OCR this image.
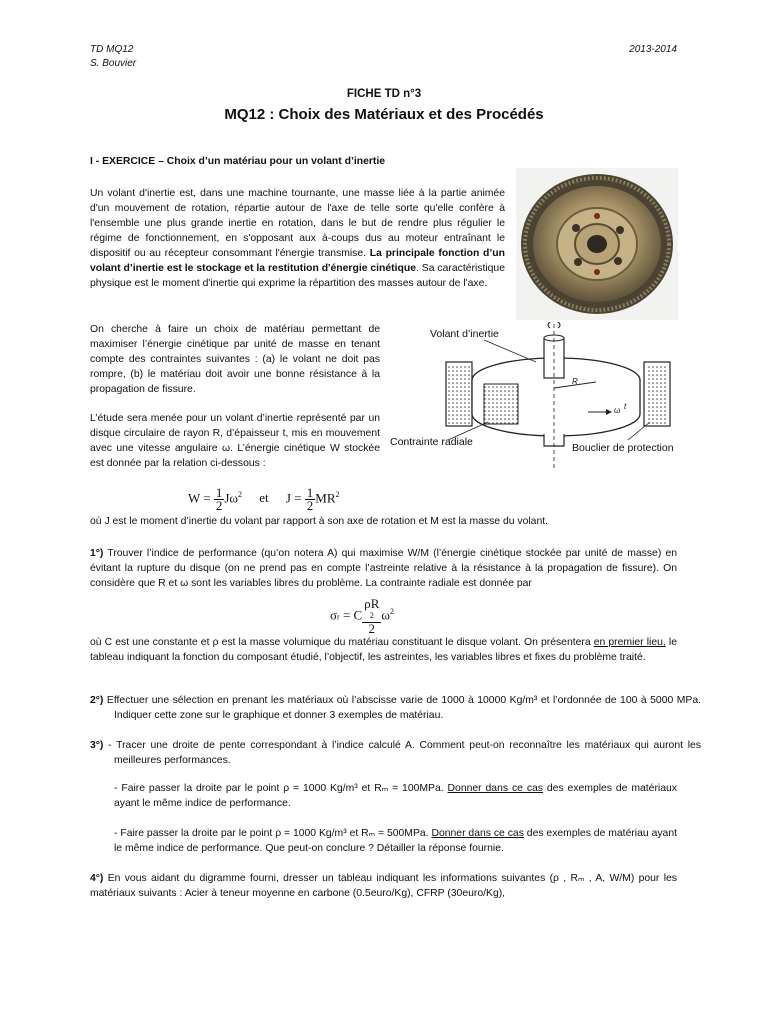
TD MQ12
S. Bouvier
2013-2014
FICHE TD n°3
MQ12 : Choix des Matériaux et des Procédés
I - EXERCICE – Choix d’un matériau pour un volant d’inertie
Un volant d'inertie est, dans une machine tournante, une masse liée à la partie animée d'un mouvement de rotation, répartie autour de l'axe de telle sorte qu'elle confère à l'ensemble une plus grande inertie en rotation, dans le but de rendre plus régulier le régime de fonctionnement, en s'opposant aux à-coups dus au moteur entraînant le dispositif ou au récepteur consommant l'énergie transmise. La principale fonction d’un volant d’inertie est le stockage et la restitution d'énergie cinétique. Sa caractéristique physique est le moment d'inertie qui exprime la répartition des masses autour de l'axe.
On cherche à faire un choix de matériau permettant de maximiser l’énergie cinétique par unité de masse en tenant compte des contraintes suivantes : (a) le volant ne doit pas rompre, (b) le matériau doit avoir une bonne résistance à la propagation de fissure.
L’étude sera menée pour un volant d’inertie représenté par un disque circulaire de rayon R, d’épaisseur t, mis en mouvement avec une vitesse angulaire ω. L’énergie cinétique W stockée est donnée par la relation ci-dessous :
Volant d’inertie
Contrainte radiale	Bouclier de protection
R
t
ω
$W = \frac{1}{2} J\omega^2$ et $J = \frac{1}{2} MR^2$
où J est le moment d’inertie du volant par rapport à son axe de rotation et M est la masse du volant.
1°) Trouver l’indice de performance (qu’on notera A) qui maximise W/M (l’énergie cinétique stockée par unité de masse) en évitant la rupture du disque (on ne prend pas en compte l’astreinte relative à la résistance à la propagation de fissure). On considère que R et ω sont les variables libres du problème. La contrainte radiale est donnée par
σr = C ρR
2
2 $\omega^2$
où C est une constante et ρ est la masse volumique du matériau constituant le disque volant. On présentera en premier lieu, le tableau indiquant la fonction du composant étudié, l’objectif, les astreintes, les variables libres et fixes du problème traité.
2°) Effectuer une sélection en prenant les matériaux où l’abscisse varie de 1000 à 10000 Kg/m³ et l’ordonnée de 100 à 5000 MPa. Indiquer cette zone sur le graphique et donner 3 exemples de matériau.
3°) - Tracer une droite de pente correspondant à l’indice calculé A. Comment peut-on reconnaître les matériaux qui auront les meilleures performances.
- Faire passer la droite par le point ρ = 1000 Kg/m³ et Rₘ = 100MPa. Donner dans ce cas des exemples de matériaux ayant le même indice de performance.
- Faire passer la droite par le point ρ = 1000 Kg/m³ et Rₘ = 500MPa. Donner dans ce cas des exemples de matériau ayant le même indice de performance. Que peut-on conclure ? Détailler la réponse fournie.
4°) En vous aidant du digramme fourni, dresser un tableau indiquant les informations suivantes (ρ , Rₘ , A, W/M) pour les matériaux suivants : Acier à teneur moyenne en carbone (0.5euro/Kg), CFRP (30euro/Kg),
